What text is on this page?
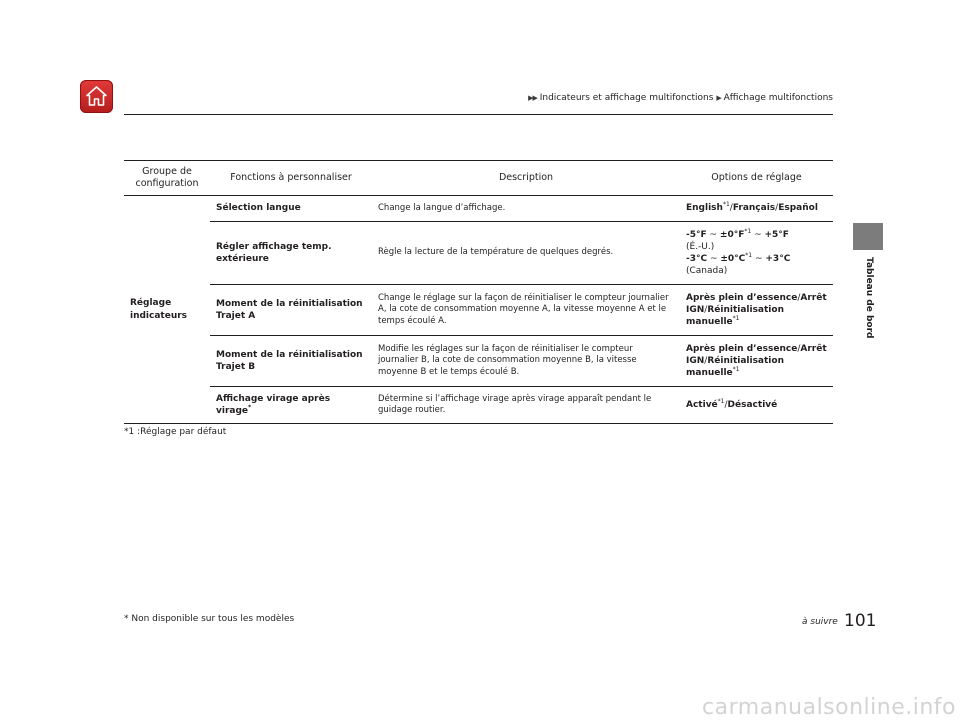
▶▶ Indicateurs et affichage multifonctions ▶ Affichage multifonctions
Tableau de bord
Groupe de configuration	Fonctions à personnaliser	Description	Options de réglage
Réglage indicateurs	Sélection langue	Change la langue d’affichage.	English$^{*1}$/Français/Español
	Régler affichage temp. extérieure	Règle la lecture de la température de quelques degrés.	-5°F ~ $\pm 0^\circ F^{*1}$ ~ +5°F
(É.-U.)
-3°C ~ $\pm 0^\circ C^{*1}$ ~ +3°C
(Canada)

	Moment de la réinitialisation Trajet A	Change le réglage sur la façon de réinitialiser le compteur journalier A, la cote de consommation moyenne A, la vitesse moyenne A et le temps écoulé A.	Après plein d’essence/Arrêt IGN/Réinitialisation manuelle$^{*1}$
	Moment de la réinitialisation Trajet B	Modifie les réglages sur la façon de réinitialiser le compteur journalier B, la cote de consommation moyenne B, la vitesse moyenne B et le temps écoulé B.	Après plein d’essence/Arrêt IGN/Réinitialisation manuelle$^{*1}$
	Affichage virage après virage*	Détermine si l’affichage virage après virage apparaît pendant le guidage routier.	Activé$^{*1}$/Désactivé
*1 :Réglage par défaut
* Non disponible sur tous les modèles	à suivre 101
carmanualsonline.info
